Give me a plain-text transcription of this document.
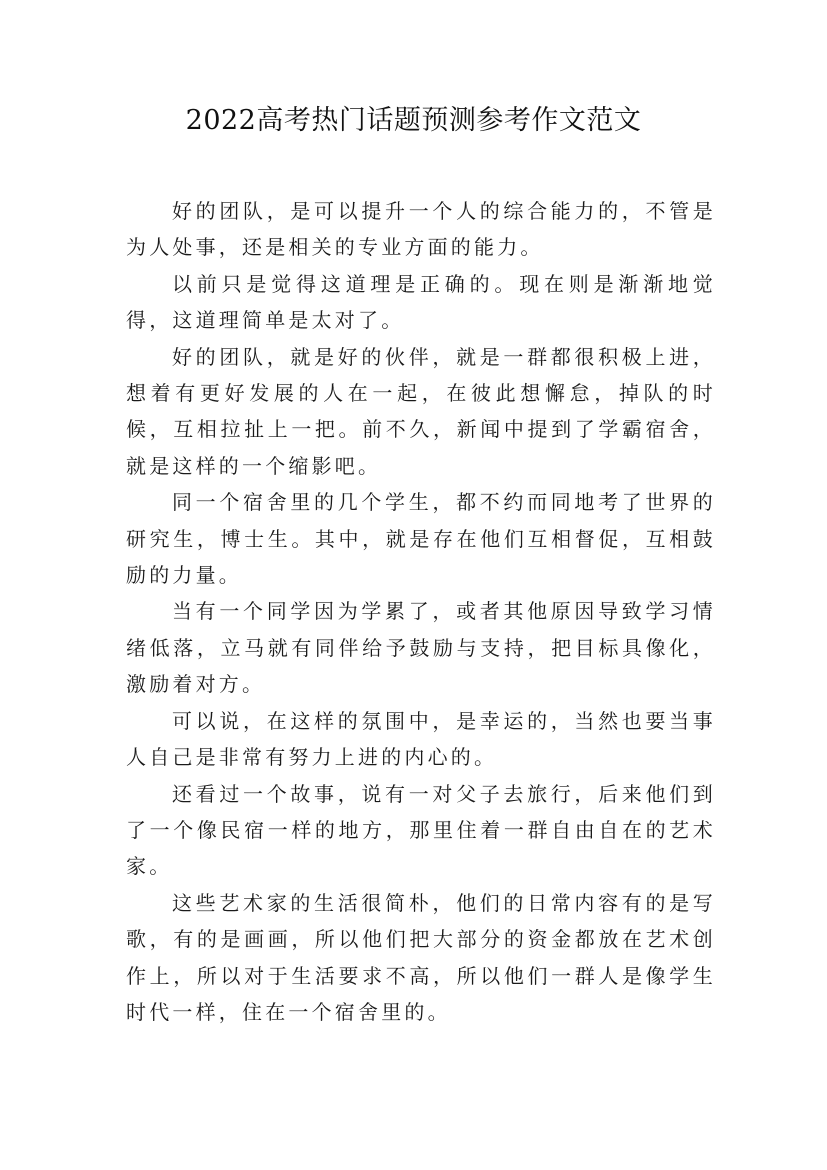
2022高考热门话题预测参考作文范文

好的团队，是可以提升一个人的综合能力的，不管是为人处事，还是相关的专业方面的能力。

以前只是觉得这道理是正确的。现在则是渐渐地觉得，这道理简单是太对了。

好的团队，就是好的伙伴，就是一群都很积极上进，想着有更好发展的人在一起，在彼此想懈怠，掉队的时候，互相拉扯上一把。前不久，新闻中提到了学霸宿舍，就是这样的一个缩影吧。

同一个宿舍里的几个学生，都不约而同地考了世界的研究生，博士生。其中，就是存在他们互相督促，互相鼓励的力量。

当有一个同学因为学累了，或者其他原因导致学习情绪低落，立马就有同伴给予鼓励与支持，把目标具像化，激励着对方。

可以说，在这样的氛围中，是幸运的，当然也要当事人自己是非常有努力上进的内心的。

还看过一个故事，说有一对父子去旅行，后来他们到了一个像民宿一样的地方，那里住着一群自由自在的艺术家。

这些艺术家的生活很简朴，他们的日常内容有的是写歌，有的是画画，所以他们把大部分的资金都放在艺术创作上，所以对于生活要求不高，所以他们一群人是像学生时代一样，住在一个宿舍里的。
